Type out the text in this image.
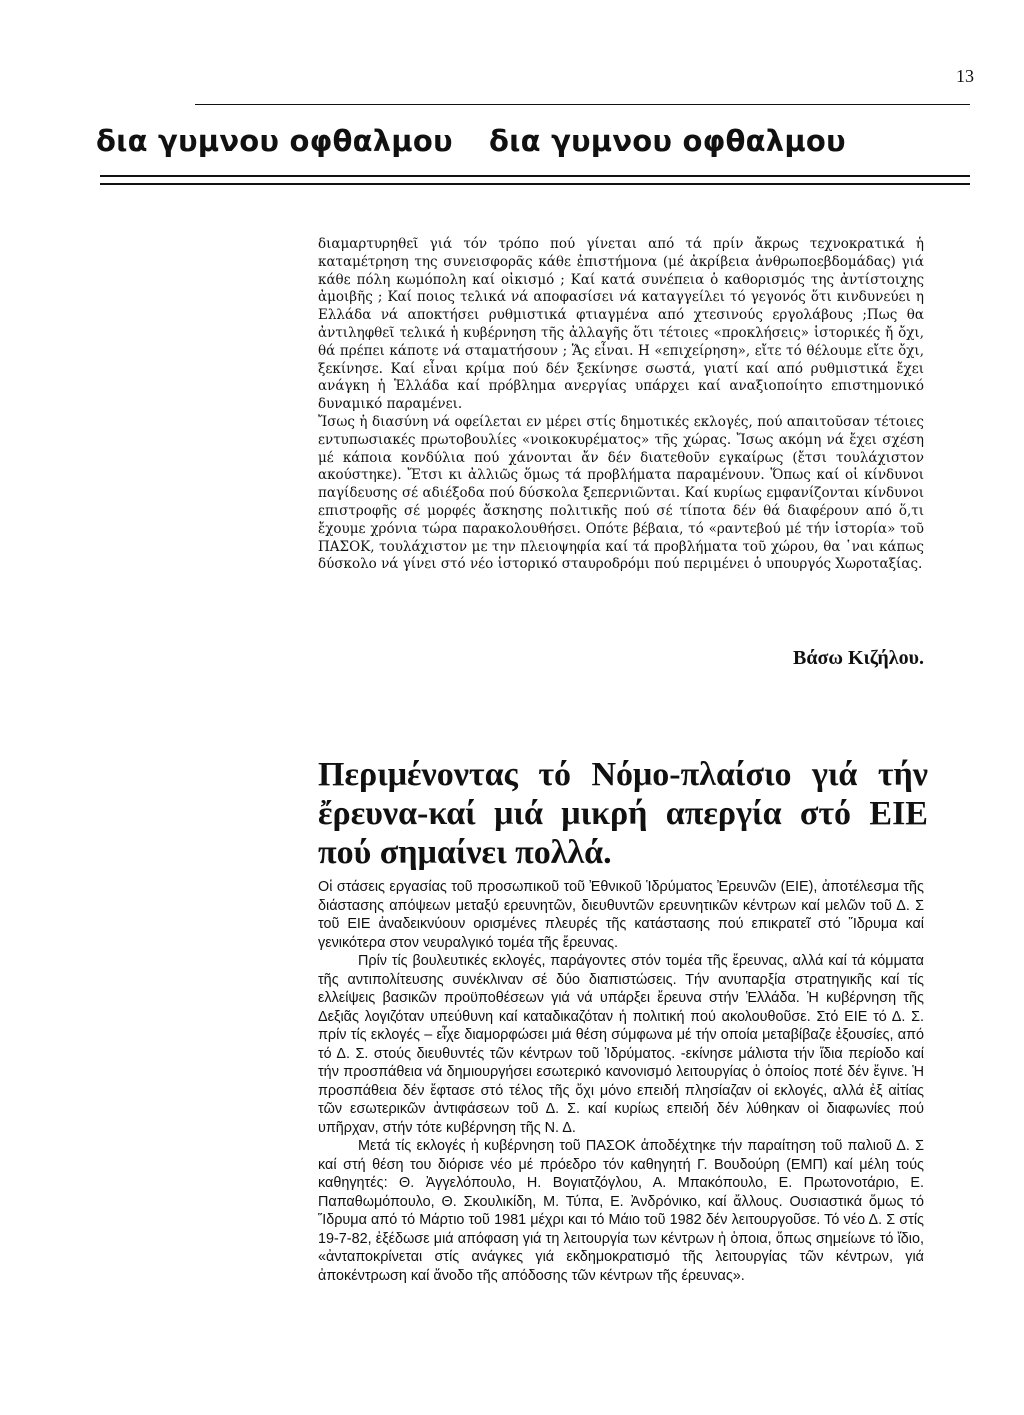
13
δια γυμνου οφθαλμου δια γυμνου οφθαλμου

διαμαρτυρηθεῖ γιά τόν τρόπο πού γίνεται από τά πρίν ἄκρως τεχνοκρατικά ἡ καταμέτρηση της συνεισφορᾶς κάθε ἐπιστήμονα (μέ ἀκρίβεια ἀνθρωποεβδομάδας) γιά κάθε πόλη κωμόπολη καί οἰκισμό ; Καί κατά συνέπεια ὁ καθορισμός της ἀντίστοιχης ἀμοιβῆς ; Καί ποιος τελικά νά αποφασίσει νά καταγγείλει τό γεγονός ὅτι κινδυνεύει η Ελλάδα νά αποκτήσει ρυθμιστικά φτιαγμένα από χτεσινούς εργολάβους ;Πως θα ἀντιληφθεῖ τελικά ἡ κυβέρνηση τῆς ἀλλαγῆς ὅτι τέτοιες «προκλήσεις» ἱστορικές ἤ ὄχι, θά πρέπει κάποτε νά σταματήσουν ; Ἅς εἶναι. Η «επιχείρηση», εἴτε τό θέλουμε εἴτε ὄχι, ξεκίνησε. Καί εἶναι κρίμα πού δέν ξεκίνησε σωστά, γιατί καί από ρυθμιστικά ἔχει ανάγκη ἡ Ἑλλάδα καί πρόβλημα ανεργίας υπάρχει καί αναξιοποίητο επιστημονικό δυναμικό παραμένει.

Ἴσως ἡ διασύνη νά οφείλεται εν μέρει στίς δημοτικές εκλογές, πού απαιτοῦσαν τέτοιες εντυπωσιακές πρωτοβουλίες «νοικοκυρέματος» τῆς χώρας. Ἴσως ακόμη νά ἔχει σχέση μέ κάποια κονδύλια πού χάνονται ἄν δέν διατεθοῦν εγκαίρως (ἔτσι τουλάχιστον ακούστηκε). Ἔτσι κι ἀλλιῶς ὅμως τά προβλήματα παραμένουν. Ὅπως καί οἱ κίνδυνοι παγίδευσης σέ αδιέξοδα πού δύσκολα ξεπερνιῶνται. Καί κυρίως εμφανίζονται κίνδυνοι επιστροφῆς σέ μορφές ἄσκησης πολιτικῆς πού σέ τίποτα δέν θά διαφέρουν από ὅ,τι ἔχουμε χρόνια τώρα παρακολουθήσει. Οπότε βέβαια, τό «ραντεβού μέ τήν ἱστορία» τοῦ ΠΑΣΟΚ, τουλάχιστον με την πλειοψηφία καί τά προβλήματα τοῦ χώρου, θα ῾ναι κάπως δύσκολο νά γίνει στό νέο ἱστορικό σταυροδρόμι πού περιμένει ὁ υπουργός Χωροταξίας.

Βάσω Κιζήλου.
Περιμένοντας τό Νόμο-πλαίσιο γιά τήν ἔρευνα-καί μιά μικρή απεργία στό ΕΙΕ πού σημαίνει πολλά.

Οἱ στάσεις εργασίας τοῦ προσωπικοῦ τοῦ Ἐθνικοῦ Ἱδρύματος Ἐρευνῶν (ΕΙΕ), ἀποτέλεσμα τῆς διάστασης απόψεων μεταξύ ερευνητῶν, διευθυντῶν ερευνητικῶν κέντρων καί μελῶν τοῦ Δ. Σ τοῦ ΕΙΕ ἀναδεικνύουν ορισμένες πλευρές τῆς κατάστασης πού επικρατεῖ στό Ἵδρυμα καί γενικότερα στον νευραλγικό τομέα τῆς ἔρευνας.

Πρίν τίς βουλευτικές εκλογές, παράγοντες στόν τομέα τῆς ἔρευνας, αλλά καί τά κόμματα τῆς αντιπολίτευσης συνέκλιναν σέ δύο διαπιστώσεις. Τήν ανυπαρξία στρατηγικῆς καί τίς ελλείψεις βασικῶν προϋποθέσεων γιά νά υπάρξει ἔρευνα στήν Ἑλλάδα. Ἡ κυβέρνηση τῆς Δεξιᾶς λογιζόταν υπεύθυνη καί καταδικαζόταν ἡ πολιτική πού ακολουθοῦσε. Στό ΕΙΕ τό Δ. Σ. πρίν τίς εκλογές – εἶχε διαμορφώσει μιά θέση σύμφωνα μέ τήν οποία μεταβίβαζε ἐξουσίες, από τό Δ. Σ. στούς διευθυντές τῶν κέντρων τοῦ Ἱδρύματος. -εκίνησε μάλιστα τήν ἴδια περίοδο καί τήν προσπάθεια νά δημιουργήσει εσωτερικό κανονισμό λειτουργίας ὁ ὁποίος ποτέ δέν ἔγινε. Ἡ προσπάθεια δέν ἔφτασε στό τέλος τῆς ὄχι μόνο επειδή πλησίαζαν οἱ εκλογές, αλλά ἐξ αἰτίας τῶν εσωτερικῶν ἀντιφάσεων τοῦ Δ. Σ. καί κυρίως επειδή δέν λύθηκαν οἱ διαφωνίες πού υπῆρχαν, στήν τότε κυβέρνηση τῆς Ν. Δ.

Μετά τίς εκλογές ἡ κυβέρνηση τοῦ ΠΑΣΟΚ ἀποδέχτηκε τήν παραίτηση τοῦ παλιοῦ Δ. Σ καί στή θέση του διόρισε νέο μέ πρόεδρο τόν καθηγητή Γ. Βουδούρη (ΕΜΠ) καί μέλη τούς καθηγητές: Θ. Ἀγγελόπουλο, Η. Βογιατζόγλου, Α. Μπακόπουλο, Ε. Πρωτονοτάριο, Ε. Παπαθωμόπουλο, Θ. Σκουλικίδη, Μ. Τύπα, Ε. Ἀνδρόνικο, καί ἄλλους. Ουσιαστικά ὅμως τό Ἵδρυμα από τό Μάρτιο τοῦ 1981 μέχρι και τό Μάιο τοῦ 1982 δέν λειτουργοῦσε. Τό νέο Δ. Σ στίς 19-7-82, ἐξέδωσε μιά απόφαση γιά τη λειτουργία των κέντρων ἡ ὁποια, ὅπως σημείωνε τό ἴδιο, «ἀνταποκρίνεται στίς ανάγκες γιά εκδημοκρατισμό τῆς λειτουργίας τῶν κέντρων, γιά ἀποκέντρωση καί ἄνοδο τῆς απόδοσης τῶν κέντρων τῆς έρευνας».
